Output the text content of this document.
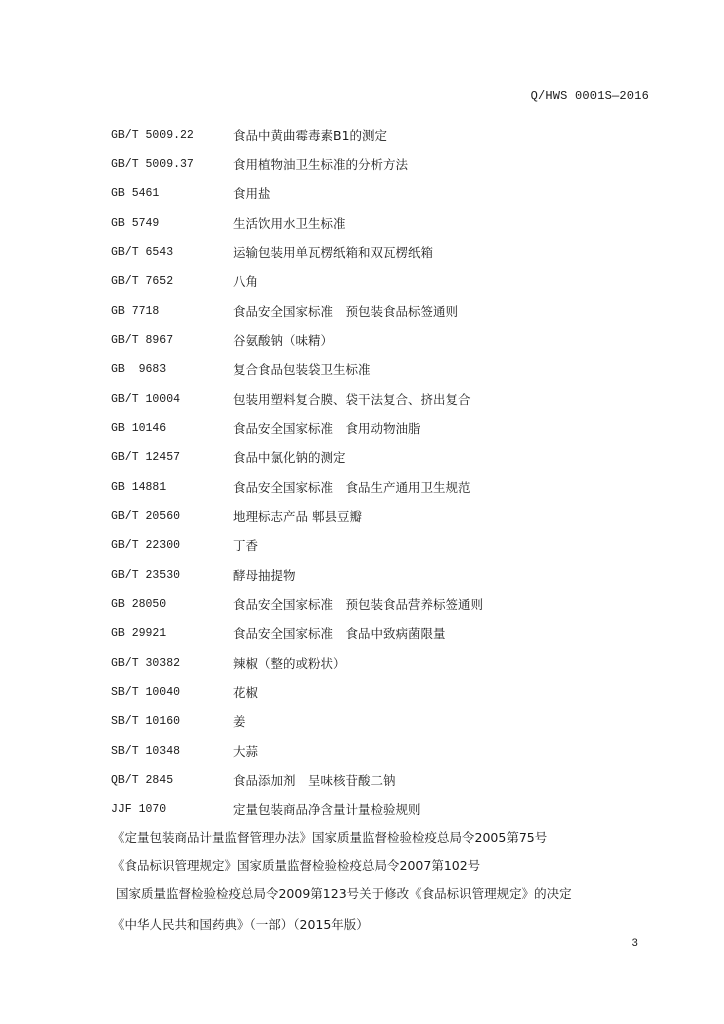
Q/HWS 0001S—2016
GB/T 5009.22	食品中黄曲霉毒素B1的测定
GB/T 5009.37	食用植物油卫生标准的分析方法
GB 5461	食用盐
GB 5749	生活饮用水卫生标准
GB/T 6543	运输包装用单瓦楞纸箱和双瓦楞纸箱
GB/T 7652	八角
GB 7718	食品安全国家标准　预包装食品标签通则
GB/T 8967	谷氨酸钠（味精）
GB  9683	复合食品包装袋卫生标准
GB/T 10004	包装用塑料复合膜、袋干法复合、挤出复合
GB 10146	食品安全国家标准　食用动物油脂
GB/T 12457	食品中氯化钠的测定
GB 14881	食品安全国家标准　食品生产通用卫生规范
GB/T 20560	地理标志产品 郫县豆瓣
GB/T 22300	丁香
GB/T 23530	酵母抽提物
GB 28050	食品安全国家标准　预包装食品营养标签通则
GB 29921	食品安全国家标准　食品中致病菌限量
GB/T 30382	辣椒（整的或粉状）
SB/T 10040	花椒
SB/T 10160	姜
SB/T 10348	大蒜
QB/T 2845	食品添加剂　呈味核苷酸二钠
JJF 1070	定量包装商品净含量计量检验规则
《定量包装商品计量监督管理办法》国家质量监督检验检疫总局令2005第75号
《食品标识管理规定》国家质量监督检验检疫总局令2007第102号
国家质量监督检验检疫总局令2009第123号关于修改《食品标识管理规定》的决定
《中华人民共和国药典》（一部）（2015年版）
3
